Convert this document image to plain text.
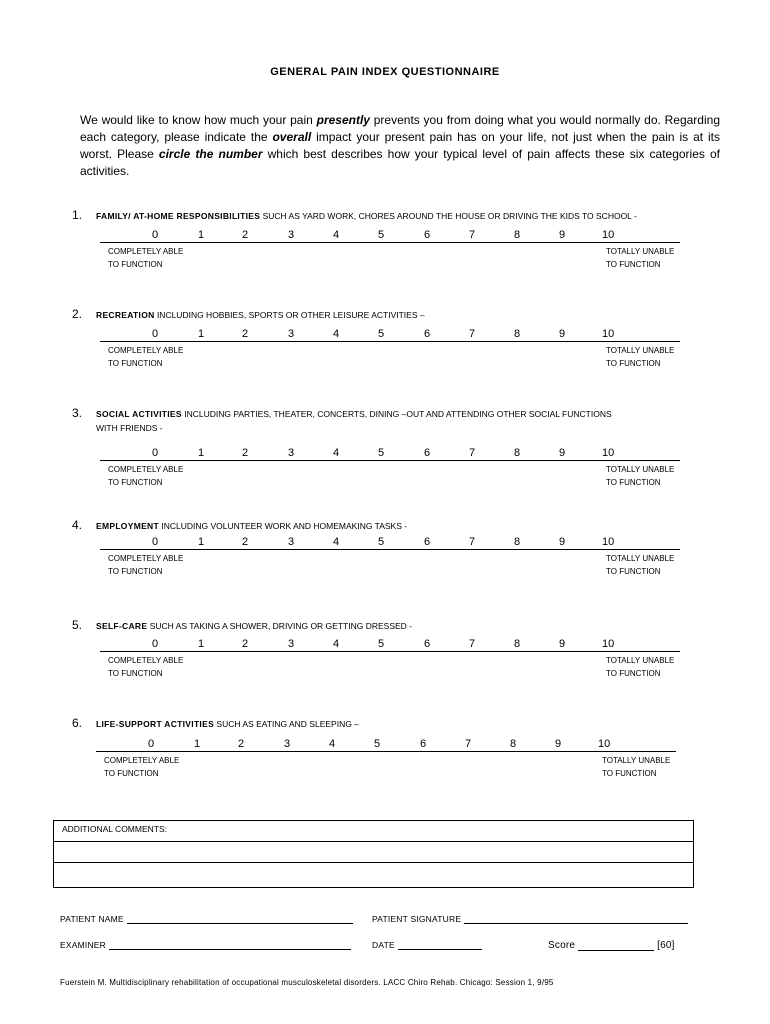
GENERAL PAIN INDEX QUESTIONNAIRE
We would like to know how much your pain presently prevents you from doing what you would normally do. Regarding each category, please indicate the overall impact your present pain has on your life, not just when the pain is at its worst. Please circle the number which best describes how your typical level of pain affects these six categories of activities.
1. FAMILY/ AT-HOME RESPONSIBILITIES SUCH AS YARD WORK, CHORES AROUND THE HOUSE OR DRIVING THE KIDS TO SCHOOL -
0	1	2	3	4	5	6	7	8	9	10
COMPLETELY ABLE
TO FUNCTION
TOTALLY UNABLE
TO FUNCTION
2. RECREATION INCLUDING HOBBIES, SPORTS OR OTHER LEISURE ACTIVITIES –
0	1	2	3	4	5	6	7	8	9	10
COMPLETELY ABLE
TO FUNCTION
TOTALLY UNABLE
TO FUNCTION
3. SOCIAL ACTIVITIES INCLUDING PARTIES, THEATER, CONCERTS, DINING –OUT AND ATTENDING OTHER SOCIAL FUNCTIONS
WITH FRIENDS -
0	1	2	3	4	5	6	7	8	9	10
COMPLETELY ABLE
TO FUNCTION
TOTALLY UNABLE
TO FUNCTION
4. EMPLOYMENT INCLUDING VOLUNTEER WORK AND HOMEMAKING TASKS -
0	1	2	3	4	5	6	7	8	9	10
COMPLETELY ABLE
TO FUNCTION
TOTALLY UNABLE
TO FUNCTION
5. SELF-CARE SUCH AS TAKING A SHOWER, DRIVING OR GETTING DRESSED -
0	1	2	3	4	5	6	7	8	9	10
COMPLETELY ABLE
TO FUNCTION
TOTALLY UNABLE
TO FUNCTION
6. LIFE-SUPPORT ACTIVITIES SUCH AS EATING AND SLEEPING –
0	1	2	3	4	5	6	7	8	9	10
COMPLETELY ABLE
TO FUNCTION
TOTALLY UNABLE
TO FUNCTION
ADDITIONAL COMMENTS:
PATIENT NAME	PATIENT SIGNATURE
EXAMINER	DATE	Score	[60]
Fuerstein M. Multidisciplinary rehabilitation of occupational musculoskeletal disorders. LACC Chiro Rehab. Chicago: Session 1, 9/95
